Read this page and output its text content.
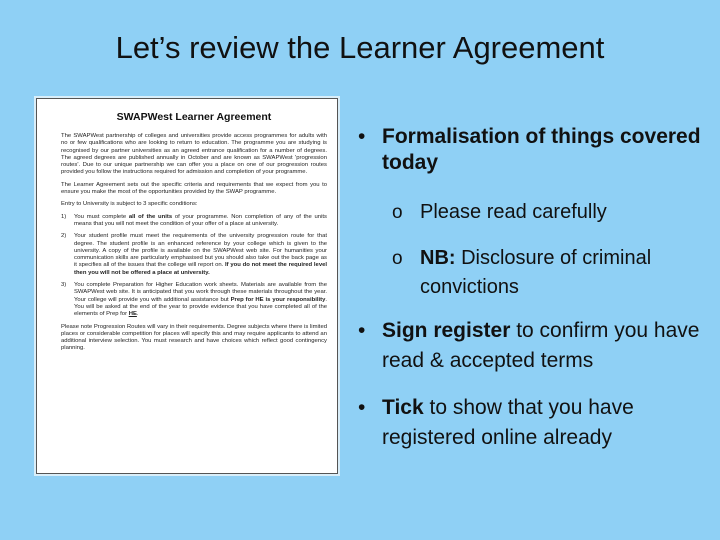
Let’s review the Learner Agreement
SWAPWest Learner Agreement

The SWAPWest partnership of colleges and universities provide access programmes for adults with no or few qualifications who are looking to return to education. The programme you are studying is recognised by our partner universities as an agreed entrance qualification for a number of degrees. The agreed degrees are published annually in October and are known as SWAPWest 'progression routes'. Due to our unique partnership we can offer you a place on one of our progression routes provided you follow the instructions required for admission and completion of your programme.

The Learner Agreement sets out the specific criteria and requirements that we expect from you to ensure you make the most of the opportunities provided by the SWAP programme.

Entry to University is subject to 3 specific conditions:

1)	You must complete all of the units of your programme. Non completion of any of the units means that you will not meet the condition of your offer of a place at university.
2)	Your student profile must meet the requirements of the university progression route for that degree. The student profile is an enhanced reference by your college which is given to the university. A copy of the profile is available on the SWAPWest web site. For humanities your communication skills are particularly emphasised but you should also take out the back page as it specifies all of the issues that the college will report on. If you do not meet the required level then you will not be offered a place at university.
3)	You complete Preparation for Higher Education work sheets. Materials are available from the SWAPWest web site. It is anticipated that you work through these materials throughout the year. Your college will provide you with additional assistance but Prep for HE is your responsibility. You will be asked at the end of the year to provide evidence that you have completed all of the elements of Prep for HE.

Please note Progression Routes will vary in their requirements. Degree subjects where there is limited places or considerable competition for places will specify this and may require applicants to attend an additional interview selection. You must research and have choices which reflect good contingency planning.

• Formalisation of things covered today
o Please read carefully
o NB: Disclosure of criminal convictions
• Sign register to confirm you have read & accepted terms
• Tick to show that you have registered online already
